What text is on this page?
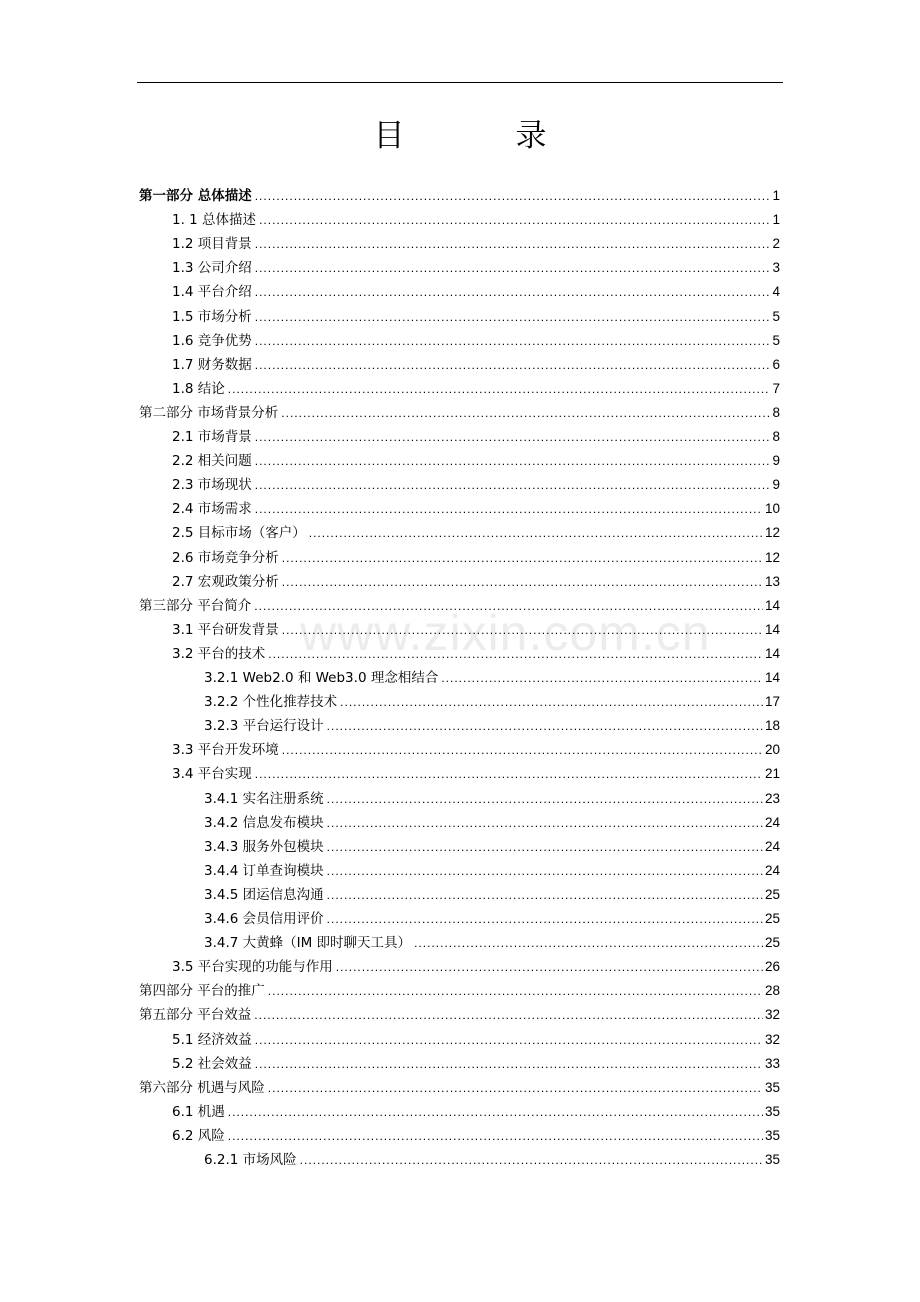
目　录
www.zixin.com.cn
第一部分 总体描述 .....	1
1. 1 总体描述 .....	1
1.2 项目背景 .....	2
1.3 公司介绍 .....	3
1.4 平台介绍 .....	4
1.5 市场分析 .....	5
1.6 竞争优势 .....	5
1.7 财务数据 .....	6
1.8 结论 .....	7
第二部分 市场背景分析 .....	8
2.1 市场背景 .....	8
2.2 相关问题 .....	9
2.3 市场现状 .....	9
2.4 市场需求 .....	10
2.5 目标市场（客户） .....	12
2.6 市场竞争分析 .....	12
2.7 宏观政策分析 .....	13
第三部分 平台简介 .....	14
3.1 平台研发背景 .....	14
3.2 平台的技术 .....	14
3.2.1 Web2.0 和 Web3.0 理念相结合 .....	14
3.2.2 个性化推荐技术 .....	17
3.2.3 平台运行设计 .....	18
3.3 平台开发环境 .....	20
3.4 平台实现 .....	21
3.4.1 实名注册系统 .....	23
3.4.2 信息发布模块 .....	24
3.4.3 服务外包模块 .....	24
3.4.4 订单查询模块 .....	24
3.4.5 团运信息沟通 .....	25
3.4.6 会员信用评价 .....	25
3.4.7 大黄蜂（IM 即时聊天工具） .....	25
3.5 平台实现的功能与作用 .....	26
第四部分 平台的推广 .....	28
第五部分 平台效益 .....	32
5.1 经济效益 .....	32
5.2 社会效益 .....	33
第六部分 机遇与风险 .....	35
6.1 机遇 .....	35
6.2 风险 .....	35
6.2.1 市场风险 .....	35
